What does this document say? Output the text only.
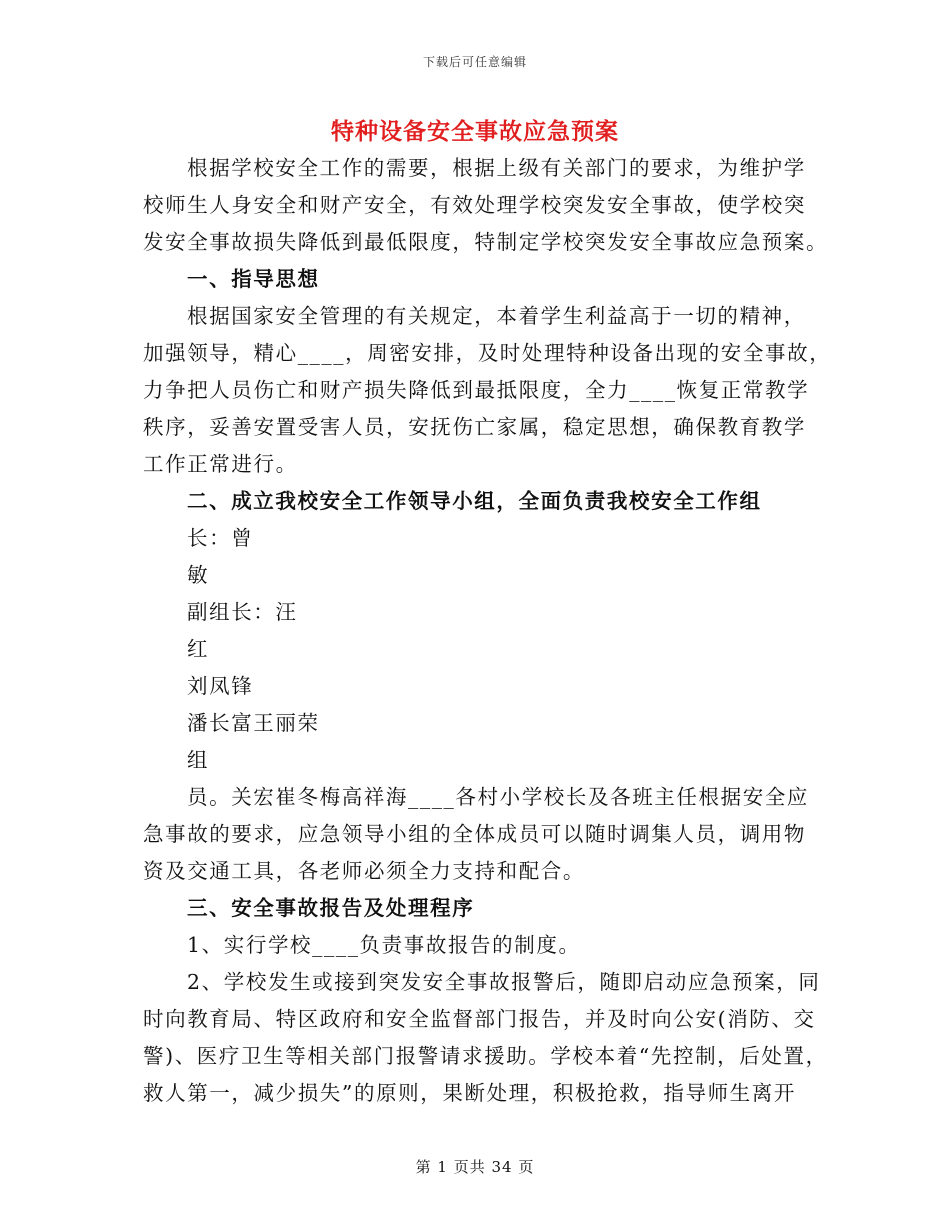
下载后可任意编辑
特种设备安全事故应急预案
根据学校安全工作的需要，根据上级有关部门的要求，为维护学
校师生人身安全和财产安全，有效处理学校突发安全事故，使学校突
发安全事故损失降低到最低限度，特制定学校突发安全事故应急预案。
一、指导思想
根据国家安全管理的有关规定，本着学生利益高于一切的精神，
加强领导，精心____，周密安排，及时处理特种设备出现的安全事故，
力争把人员伤亡和财产损失降低到最抵限度，全力____恢复正常教学
秩序，妥善安置受害人员，安抚伤亡家属，稳定思想，确保教育教学
工作正常进行。
二、成立我校安全工作领导小组，全面负责我校安全工作组
长：曾
敏
副组长：汪
红
刘凤锋
潘长富王丽荣
组
员。关宏崔冬梅高祥海____各村小学校长及各班主任根据安全应
急事故的要求，应急领导小组的全体成员可以随时调集人员，调用物
资及交通工具，各老师必须全力支持和配合。
三、安全事故报告及处理程序
1、实行学校____负责事故报告的制度。
2、学校发生或接到突发安全事故报警后，随即启动应急预案，同
时向教育局、特区政府和安全监督部门报告，并及时向公安(消防、交
警)、医疗卫生等相关部门报警请求援助。学校本着“先控制，后处置，
救人第一，减少损失”的原则，果断处理，积极抢救，指导师生离开
第 1 页共 34 页
